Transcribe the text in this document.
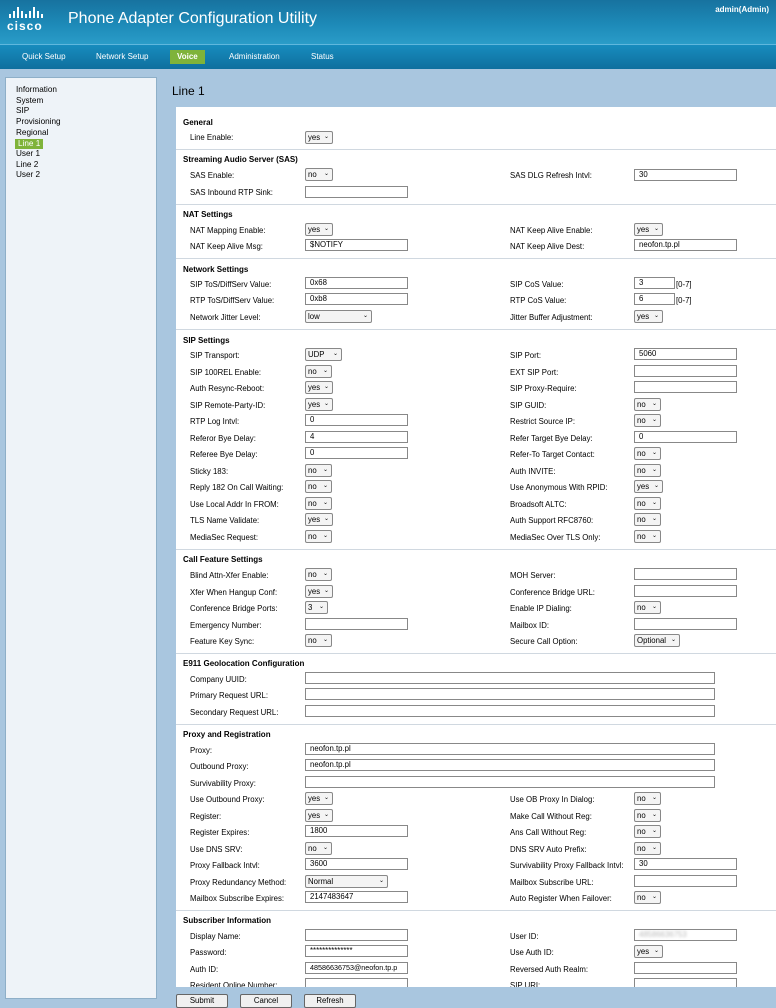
cisco	Phone Adapter Configuration Utility
admin(Admin)
Quick Setup	Network Setup	Voice	Administration	Status
Information
System
SIP
Provisioning
Regional
Line 1
User 1
Line 2
User 2
Line 1
General
Line Enable:	yes ⌄
Streaming Audio Server (SAS)
SAS Enable:	no ⌄	SAS DLG Refresh Intvl:	30
SAS Inbound RTP Sink:
NAT Settings
NAT Mapping Enable:	yes ⌄	NAT Keep Alive Enable:	yes ⌄
NAT Keep Alive Msg:	$NOTIFY	NAT Keep Alive Dest:	neofon.tp.pl
Network Settings
SIP ToS/DiffServ Value:	0x68	SIP CoS Value:	3	[0-7]
RTP ToS/DiffServ Value:	0xb8	RTP CoS Value:	6	[0-7]
Network Jitter Level:	low	⌄	Jitter Buffer Adjustment:	yes ⌄
SIP Settings
SIP Transport:	UDP ⌄	SIP Port:	5060
SIP 100REL Enable:	no ⌄	EXT SIP Port:
Auth Resync-Reboot:	yes ⌄	SIP Proxy-Require:
SIP Remote-Party-ID:	yes ⌄	SIP GUID:	no ⌄
RTP Log Intvl:	0	Restrict Source IP:	no ⌄
Referor Bye Delay:	4	Refer Target Bye Delay:	0
Referee Bye Delay:	0	Refer-To Target Contact:	no ⌄
Sticky 183:	no ⌄	Auth INVITE:	no ⌄
Reply 182 On Call Waiting:	no ⌄	Use Anonymous With RPID:	yes ⌄
Use Local Addr In FROM:	no ⌄	Broadsoft ALTC:	no ⌄
TLS Name Validate:	yes ⌄	Auth Support RFC8760:	no ⌄
MediaSec Request:	no ⌄	MediaSec Over TLS Only:	no ⌄
Call Feature Settings
Blind Attn-Xfer Enable:	no ⌄	MOH Server:
Xfer When Hangup Conf:	yes ⌄	Conference Bridge URL:
Conference Bridge Ports:	3 ⌄	Enable IP Dialing:	no ⌄
Emergency Number:	Mailbox ID:
Feature Key Sync:	no ⌄	Secure Call Option:	Optional ⌄
E911 Geolocation Configuration
Company UUID:
Primary Request URL:
Secondary Request URL:
Proxy and Registration
Proxy:	neofon.tp.pl
Outbound Proxy:	neofon.tp.pl
Survivability Proxy:
Use Outbound Proxy:	yes ⌄	Use OB Proxy In Dialog:	no ⌄
Register:	yes ⌄	Make Call Without Reg:	no ⌄
Register Expires:	1800	Ans Call Without Reg:	no ⌄
Use DNS SRV:	no ⌄	DNS SRV Auto Prefix:	no ⌄
Proxy Fallback Intvl:	3600	Survivability Proxy Fallback Intvl:	30
Proxy Redundancy Method:	Normal	⌄	Mailbox Subscribe URL:
Mailbox Subscribe Expires:	2147483647	Auto Register When Failover:	no ⌄
Subscriber Information
Display Name:	User ID:	48586636753
Password:	**************	Use Auth ID:	yes ⌄
Auth ID:	48586636753@neofon.tp.p	Reversed Auth Realm:
Resident Online Number:	SIP URI:
Submit	Cancel	Refresh
